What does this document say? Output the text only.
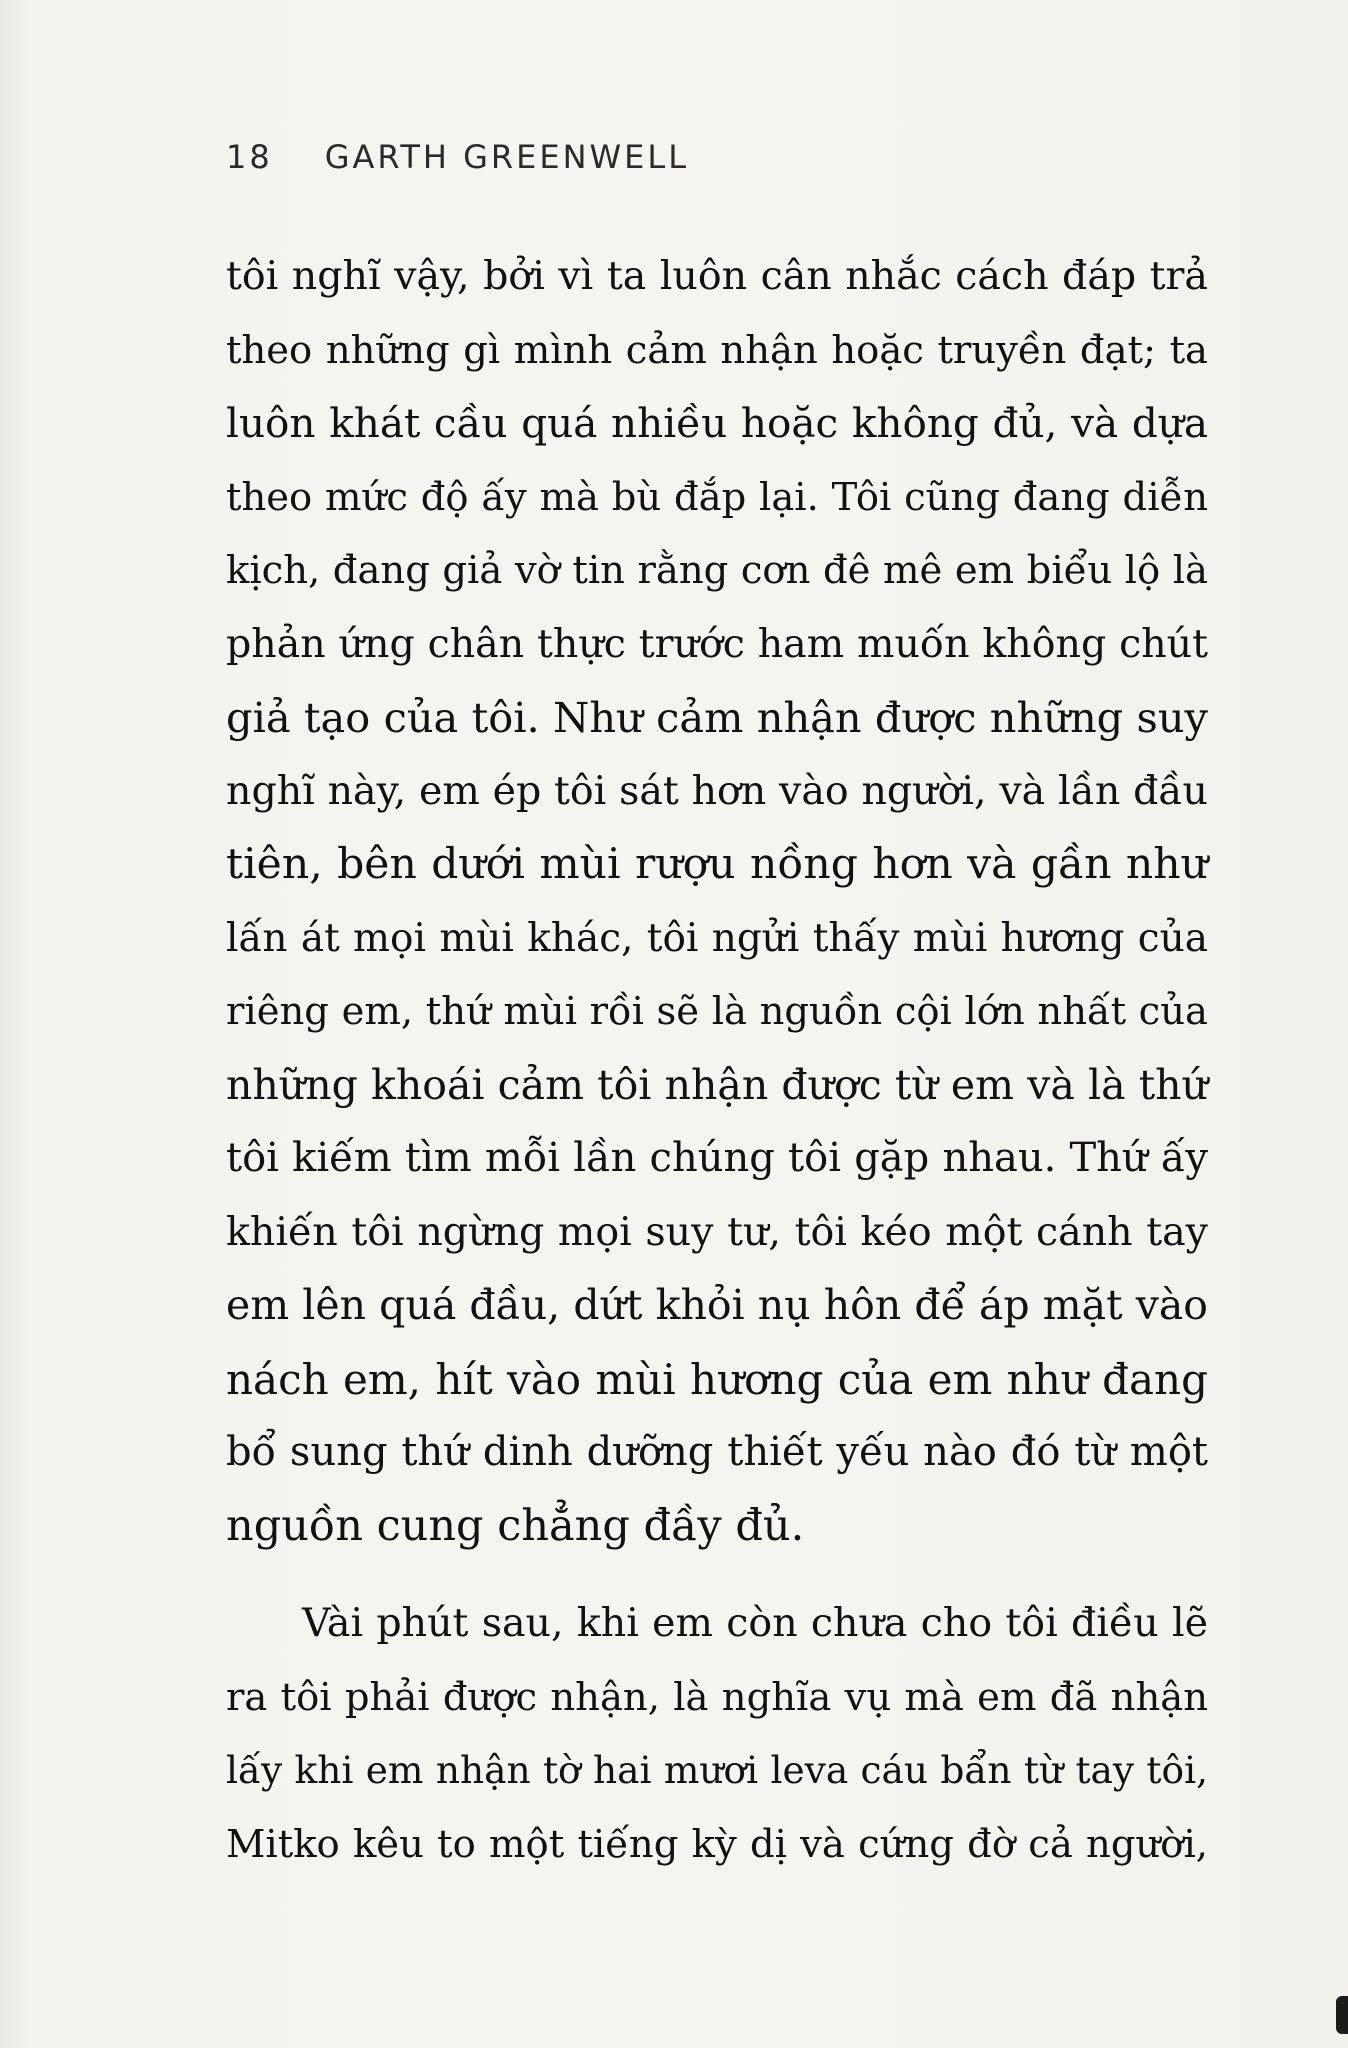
18 GARTH GREENWELL
tôi nghĩ vậy, bởi vì ta luôn cân nhắc cách đáp trả
theo những gì mình cảm nhận hoặc truyền đạt; ta
luôn khát cầu quá nhiều hoặc không đủ, và dựa
theo mức độ ấy mà bù đắp lại. Tôi cũng đang diễn
kịch, đang giả vờ tin rằng cơn đê mê em biểu lộ là
phản ứng chân thực trước ham muốn không chút
giả tạo của tôi. Như cảm nhận được những suy
nghĩ này, em ép tôi sát hơn vào người, và lần đầu
tiên, bên dưới mùi rượu nồng hơn và gần như
lấn át mọi mùi khác, tôi ngửi thấy mùi hương của
riêng em, thứ mùi rồi sẽ là nguồn cội lớn nhất của
những khoái cảm tôi nhận được từ em và là thứ
tôi kiếm tìm mỗi lần chúng tôi gặp nhau. Thứ ấy
khiến tôi ngừng mọi suy tư, tôi kéo một cánh tay
em lên quá đầu, dứt khỏi nụ hôn để áp mặt vào
nách em, hít vào mùi hương của em như đang
bổ sung thứ dinh dưỡng thiết yếu nào đó từ một
nguồn cung chẳng đầy đủ.
Vài phút sau, khi em còn chưa cho tôi điều lẽ
ra tôi phải được nhận, là nghĩa vụ mà em đã nhận
lấy khi em nhận tờ hai mươi leva cáu bẩn từ tay tôi,
Mitko kêu to một tiếng kỳ dị và cứng đờ cả người,
